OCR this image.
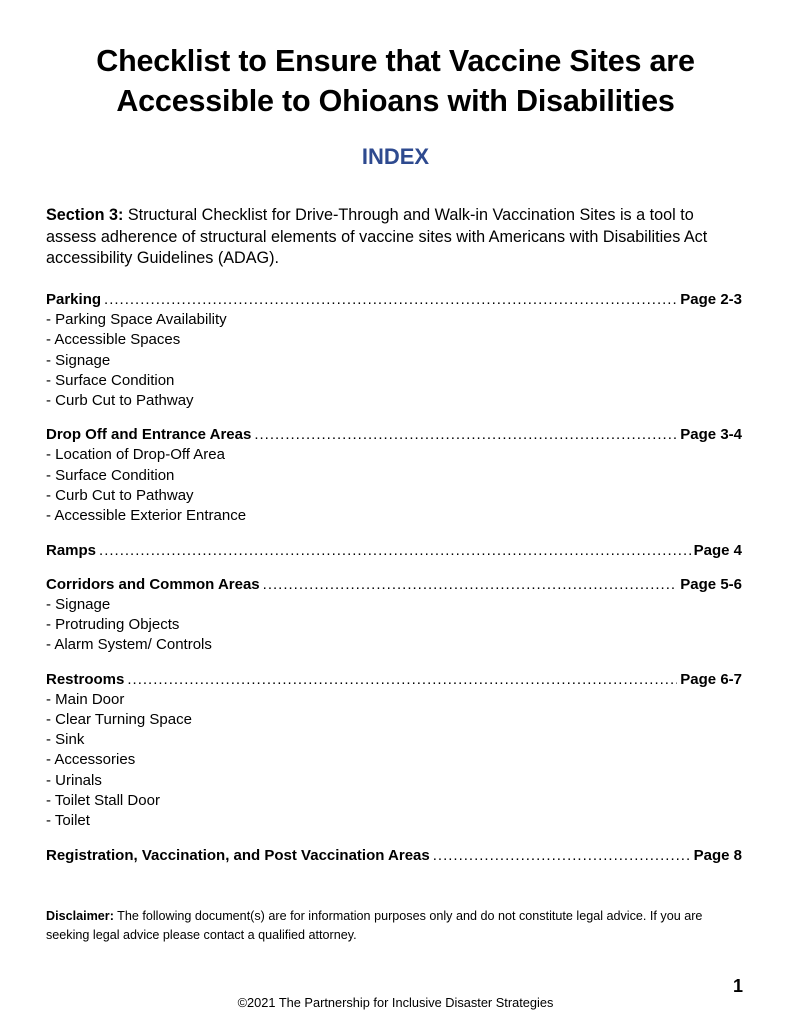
Checklist to Ensure that Vaccine Sites are
Accessible to Ohioans with Disabilities
INDEX

Section 3: Structural Checklist for Drive-Through and Walk-in Vaccination Sites is a tool to assess adherence of structural elements of vaccine sites with Americans with Disabilities Act accessibility Guidelines (ADAG).

Parking .....	Page 2-3
- Parking Space Availability
- Accessible Spaces
- Signage
- Surface Condition
- Curb Cut to Pathway
Drop Off and Entrance Areas .....	Page 3-4
- Location of Drop-Off Area
- Surface Condition
- Curb Cut to Pathway
- Accessible Exterior Entrance
Ramps .....	Page 4
Corridors and Common Areas .....	Page 5-6
- Signage
- Protruding Objects
- Alarm System/ Controls
Restrooms .....	Page 6-7
- Main Door
- Clear Turning Space
- Sink
- Accessories
- Urinals
- Toilet Stall Door
- Toilet
Registration, Vaccination, and Post Vaccination Areas .....	Page 8

Disclaimer: The following document(s) are for information purposes only and do not constitute legal advice. If you are seeking legal advice please contact a qualified attorney.

1
©2021 The Partnership for Inclusive Disaster Strategies
